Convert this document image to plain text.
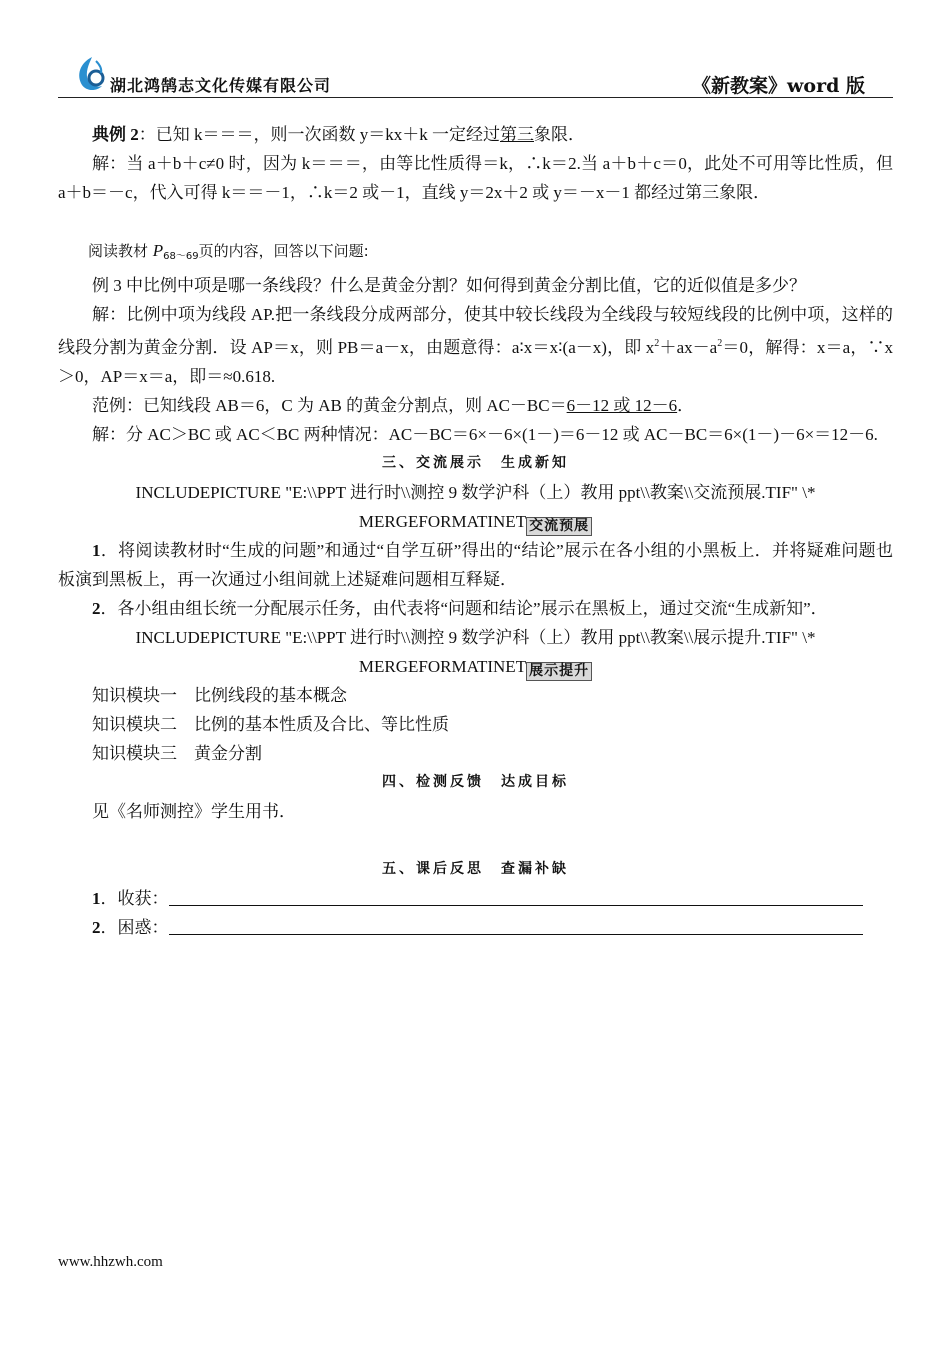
湖北鸿鹄志文化传媒有限公司	《新教案》word 版

典例 2：已知 k＝＝＝，则一次函数 y＝kx＋k 一定经过第三象限．

解：当 a＋b＋c≠0 时，因为 k＝＝＝，由等比性质得＝k，∴k＝2.当 a＋b＋c＝0，此处不可用等比性质，但 a＋b＝－c，代入可得 k＝＝－1，∴k＝2 或－1，直线 y＝2x＋2 或 y＝－x－1 都经过第三象限．

阅读教材 $P_{68\sim 69}$页的内容，回答以下问题:

例 3 中比例中项是哪一条线段？什么是黄金分割？如何得到黄金分割比值，它的近似值是多少？

解：比例中项为线段 AP.把一条线段分成两部分，使其中较长线段为全线段与较短线段的比例中项，这样的线段分割为黄金分割．设 AP＝x，则 PB＝a－x，由题意得：a∶x＝x∶(a－x)，即 $x^2+ax-a^2=0$，解得：x＝a，∵x＞0，AP＝x＝a，即＝≈0.618.

范例：已知线段 AB＝6，C 为 AB 的黄金分割点，则 AC－BC＝6－12 或 12－6．

解：分 AC＞BC 或 AC＜BC 两种情况：AC－BC＝6×－6×(1－)＝6－12 或 AC－BC＝6×(1－)－6×＝12－6.

三、交流展示　生成新知

INCLUDEPICTURE "E:\\PPT 进行时\\测控 9 数学沪科（上）教用 ppt\\教案\\交流预展.TIF" \*

MERGEFORMATINET 交流预展

1．将阅读教材时“生成的问题”和通过“自学互研”得出的“结论”展示在各小组的小黑板上．并将疑难问题也板演到黑板上，再一次通过小组间就上述疑难问题相互释疑．

2．各小组由组长统一分配展示任务，由代表将“问题和结论”展示在黑板上，通过交流“生成新知”．

INCLUDEPICTURE "E:\\PPT 进行时\\测控 9 数学沪科（上）教用 ppt\\教案\\展示提升.TIF" \*

MERGEFORMATINET 展示提升

知识模块一　比例线段的基本概念

知识模块二　比例的基本性质及合比、等比性质

知识模块三　黄金分割

四、检测反馈　达成目标

见《名师测控》学生用书．

五、课后反思　查漏补缺

1．收获：

2．困惑：

www.hhzwh.com
